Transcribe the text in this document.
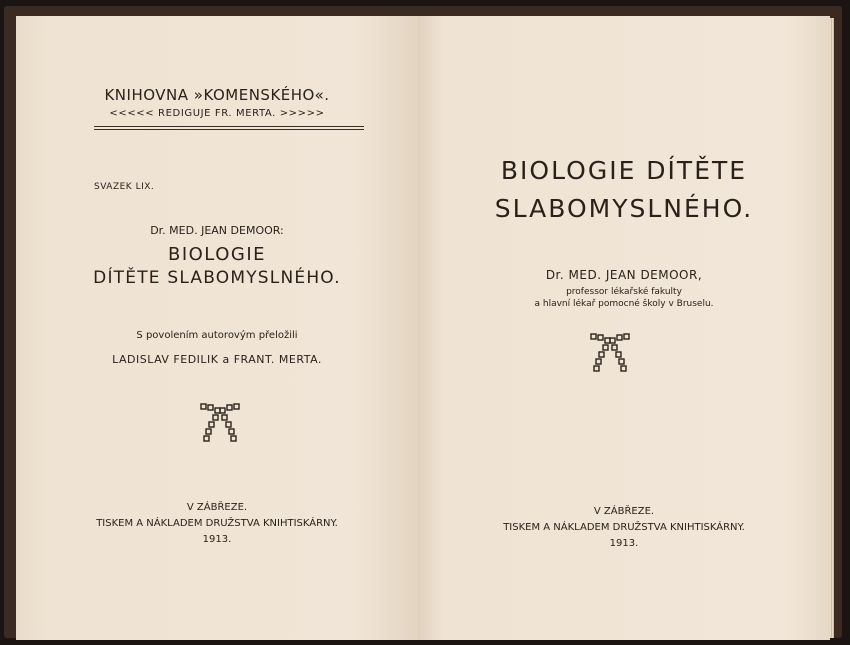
KNIHOVNA »KOMENSKÉHO«.
<<<<< REDIGUJE FR. MERTA. >>>>>
SVAZEK LIX.
Dr. MED. JEAN DEMOOR:
BIOLOGIE
DÍTĚTE SLABOMYSLNÉHO.
S povolením autorovým přeložili
LADISLAV FEDILIK a FRANT. MERTA.
V ZÁBŘEZE.
TISKEM A NÁKLADEM DRUŽSTVA KNIHTISKÁRNY.
1913.
BIOLOGIE DÍTĚTE
SLABOMYSLNÉHO.
Dr. MED. JEAN DEMOOR,
professor lékařské fakulty
a hlavní lékař pomocné školy v Bruselu.
V ZÁBŘEZE.
TISKEM A NÁKLADEM DRUŽSTVA KNIHTISKÁRNY.
1913.
